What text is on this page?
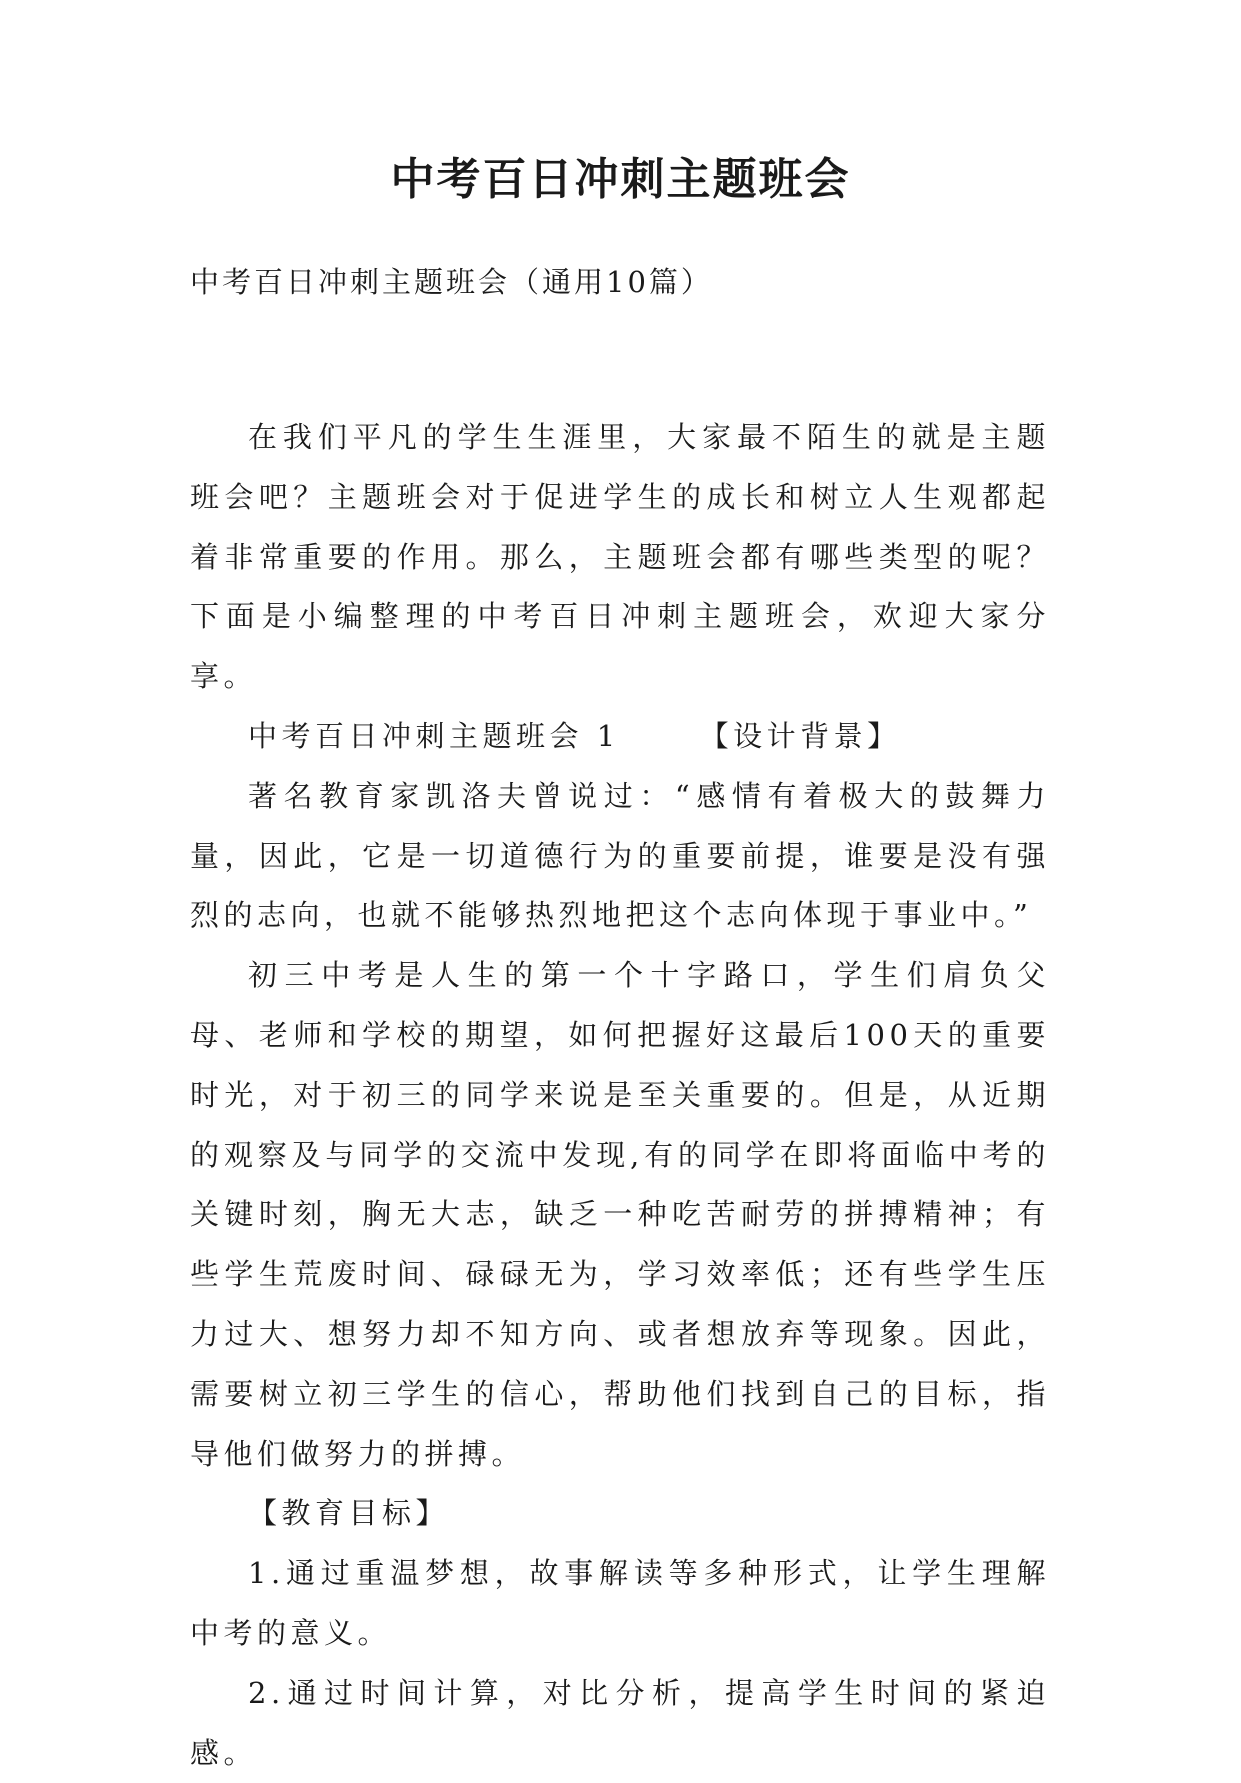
中考百日冲刺主题班会

中考百日冲刺主题班会（通用10篇）

在我们平凡的学生生涯里，大家最不陌生的就是主题班会吧？主题班会对于促进学生的成长和树立人生观都起着非常重要的作用。那么，主题班会都有哪些类型的呢？下面是小编整理的中考百日冲刺主题班会，欢迎大家分享。

中考百日冲刺主题班会 1	【设计背景】

著名教育家凯洛夫曾说过：“感情有着极大的鼓舞力量，因此，它是一切道德行为的重要前提，谁要是没有强烈的志向，也就不能够热烈地把这个志向体现于事业中。”

初三中考是人生的第一个十字路口，学生们肩负父母、老师和学校的期望，如何把握好这最后100天的重要时光，对于初三的同学来说是至关重要的。但是，从近期的观察及与同学的交流中发现,有的同学在即将面临中考的关键时刻，胸无大志，缺乏一种吃苦耐劳的拼搏精神；有些学生荒废时间、碌碌无为，学习效率低；还有些学生压力过大、想努力却不知方向、或者想放弃等现象。因此，需要树立初三学生的信心，帮助他们找到自己的目标，指导他们做努力的拼搏。

【教育目标】

1.通过重温梦想，故事解读等多种形式，让学生理解中考的意义。

2.通过时间计算，对比分析，提高学生时间的紧迫感。
